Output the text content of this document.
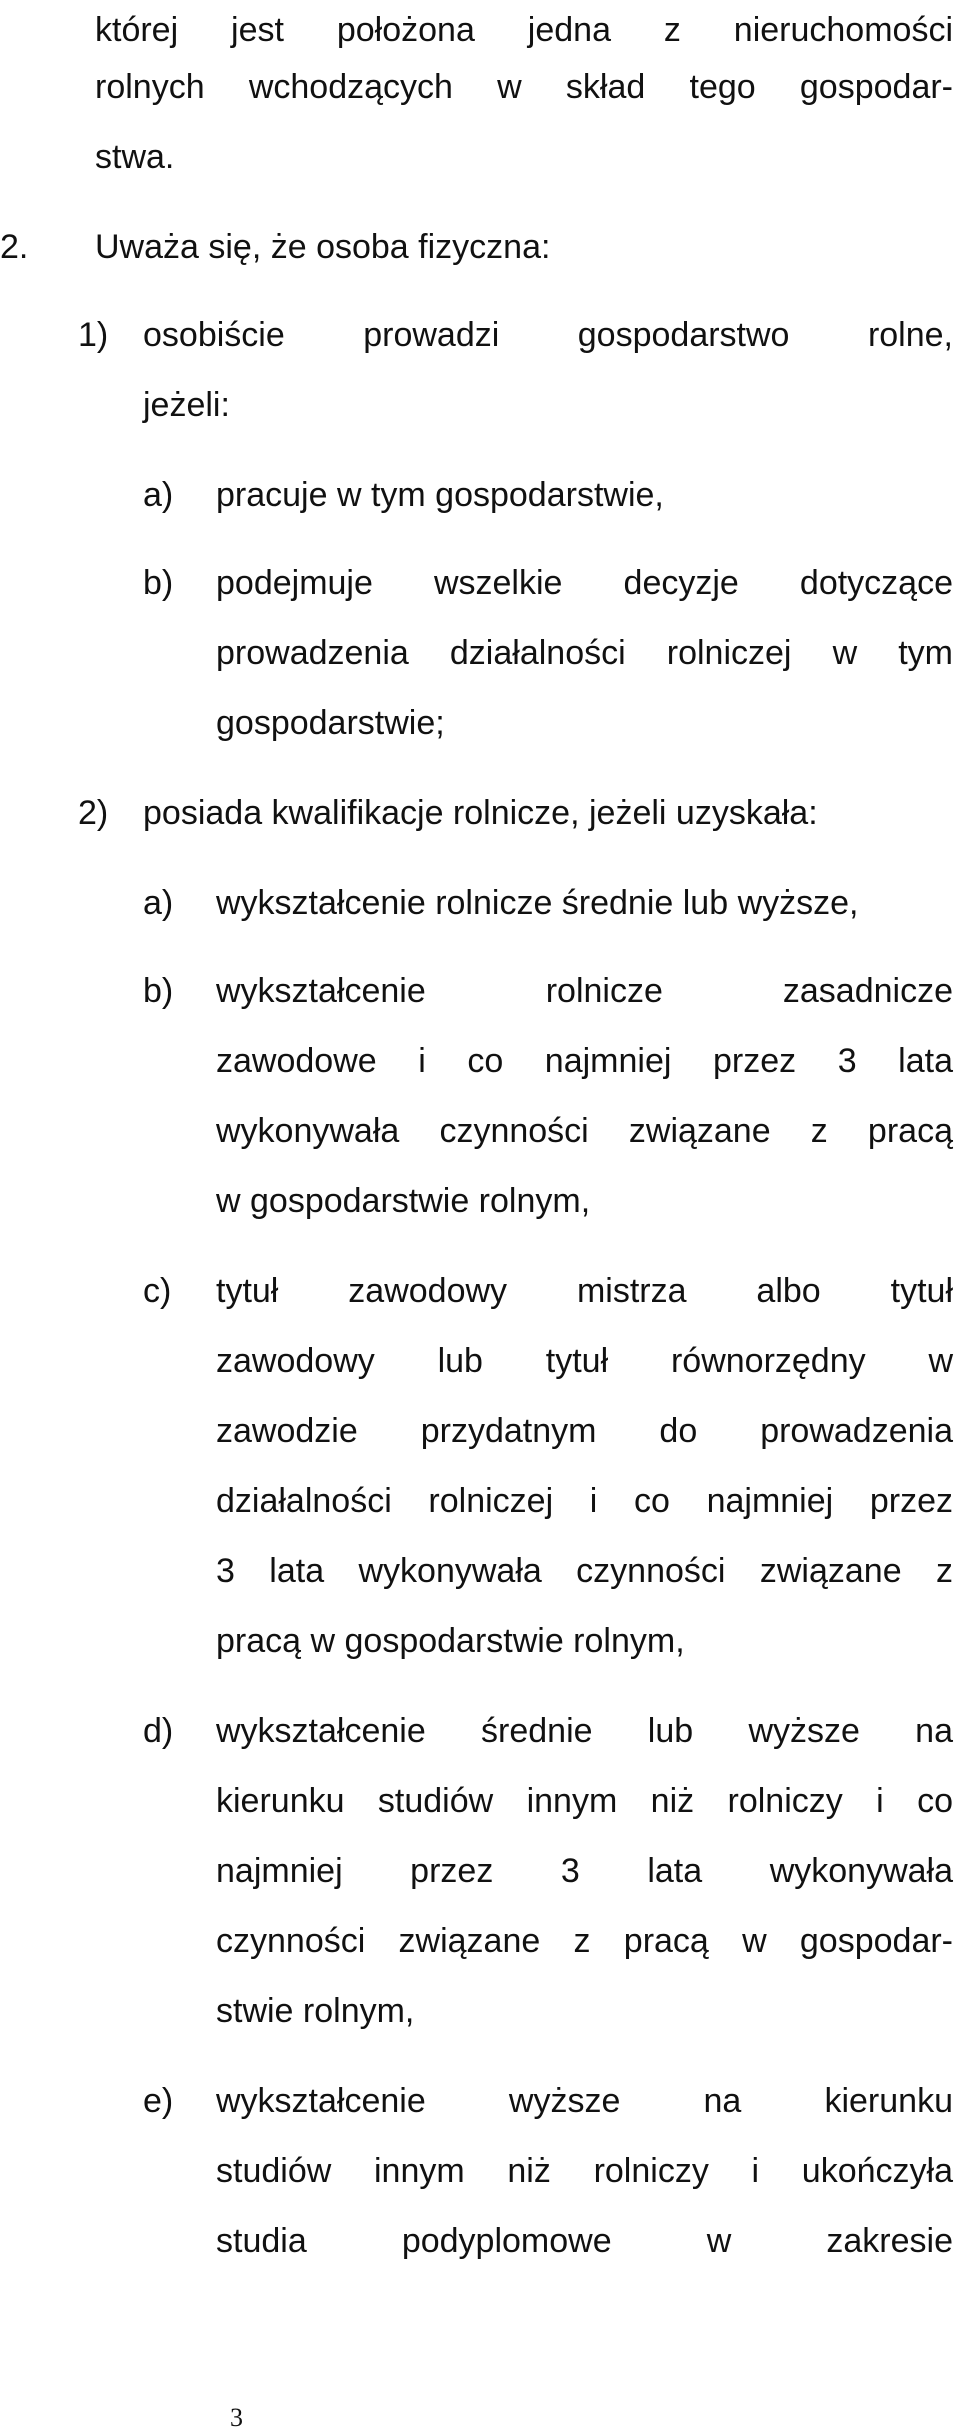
której jest położona jedna z nieruchomości

rolnych wchodzących w skład tego gospodar-

stwa.

2. Uważa się, że osoba fizyczna:

1) osobiście prowadzi gospodarstwo rolne,

jeżeli:

a) pracuje w tym gospodarstwie,

b) podejmuje wszelkie decyzje dotyczące

prowadzenia działalności rolniczej w tym

gospodarstwie;

2) posiada kwalifikacje rolnicze, jeżeli uzyskała:

a) wykształcenie rolnicze średnie lub wyższe,

b) wykształcenie rolnicze zasadnicze

zawodowe i co najmniej przez 3 lata

wykonywała czynności związane z pracą

w gospodarstwie rolnym,

c) tytuł zawodowy mistrza albo tytuł

zawodowy lub tytuł równorzędny w

zawodzie przydatnym do prowadzenia

działalności rolniczej i co najmniej przez

3 lata wykonywała czynności związane z

pracą w gospodarstwie rolnym,

d) wykształcenie średnie lub wyższe na

kierunku studiów innym niż rolniczy i co

najmniej przez 3 lata wykonywała

czynności związane z pracą w gospodar-

stwie rolnym,

e) wykształcenie wyższe na kierunku

studiów innym niż rolniczy i ukończyła

studia podyplomowe w zakresie

3
